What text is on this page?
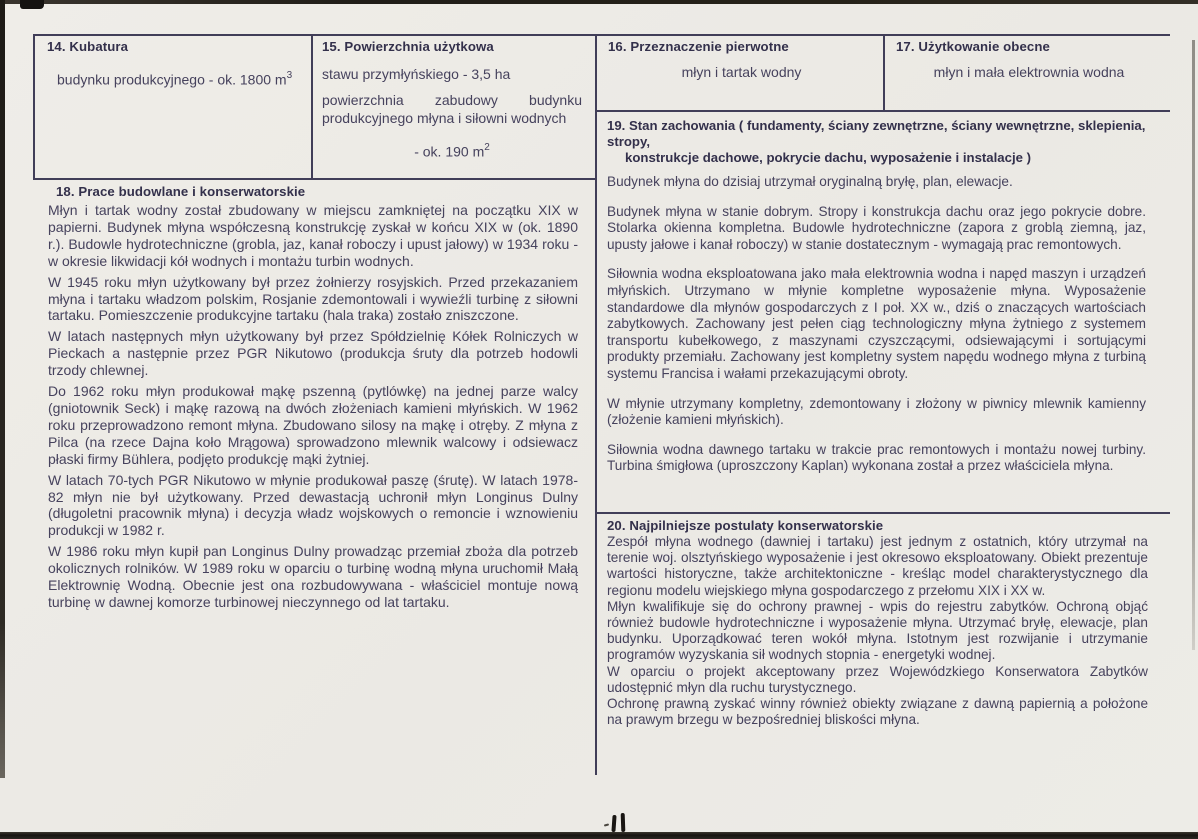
14. Kubatura
budynku produkcyjnego - ok. 1800 $m^3$
15. Powierzchnia użytkowa
stawu przymłyńskiego - 3,5 ha
powierzchnia zabudowy budynku produkcyjnego młyna i siłowni wodnych
- ok. 190 $m^2$
16. Przeznaczenie pierwotne
młyn i tartak wodny
17. Użytkowanie obecne
młyn i mała elektrownia wodna
19. Stan zachowania ( fundamenty, ściany zewnętrzne, ściany wewnętrzne, sklepienia, stropy,
konstrukcje dachowe, pokrycie dachu, wyposażenie i instalacje )

Budynek młyna do dzisiaj utrzymał oryginalną bryłę, plan, elewacje.

Budynek młyna w stanie dobrym. Stropy i konstrukcja dachu oraz jego pokrycie dobre. Stolarka okienna kompletna. Budowle hydrotechniczne (zapora z groblą ziemną, jaz, upusty jałowe i kanał roboczy) w stanie dostatecznym - wymagają prac remontowych.

Siłownia wodna eksploatowana jako mała elektrownia wodna i napęd maszyn i urządzeń młyńskich. Utrzymano w młynie kompletne wyposażenie młyna. Wyposażenie standardowe dla młynów gospodarczych z I poł. XX w., dziś o znaczących wartościach zabytkowych. Zachowany jest pełen ciąg technologiczny młyna żytniego z systemem transportu kubełkowego, z maszynami czyszczącymi, odsiewającymi i sortującymi produkty przemiału. Zachowany jest kompletny system napędu wodnego młyna z turbiną systemu Francisa i wałami przekazującymi obroty.

W młynie utrzymany kompletny, zdemontowany i złożony w piwnicy mlewnik kamienny (złożenie kamieni młyńskich).

Siłownia wodna dawnego tartaku w trakcie prac remontowych i montażu nowej turbiny. Turbina śmigłowa (uproszczony Kaplan) wykonana został a przez właściciela młyna.

18. Prace budowlane i konserwatorskie

Młyn i tartak wodny został zbudowany w miejscu zamkniętej na początku XIX w papierni. Budynek młyna współczesną konstrukcję zyskał w końcu XIX w (ok. 1890 r.). Budowle hydrotechniczne (grobla, jaz, kanał roboczy i upust jałowy) w 1934 roku - w okresie likwidacji kół wodnych i montażu turbin wodnych.

W 1945 roku młyn użytkowany był przez żołnierzy rosyjskich. Przed przekazaniem młyna i tartaku władzom polskim, Rosjanie zdemontowali i wywieźli turbinę z siłowni tartaku. Pomieszczenie produkcyjne tartaku (hala traka) zostało zniszczone.

W latach następnych młyn użytkowany był przez Spółdzielnię Kółek Rolniczych w Pieckach a następnie przez PGR Nikutowo (produkcja śruty dla potrzeb hodowli trzody chlewnej.

Do 1962 roku młyn produkował mąkę pszenną (pytlówkę) na jednej parze walcy (gniotownik Seck) i mąkę razową na dwóch złożeniach kamieni młyńskich. W 1962 roku przeprowadzono remont młyna. Zbudowano silosy na mąkę i otręby. Z młyna z Pilca (na rzece Dajna koło Mrągowa) sprowadzono mlewnik walcowy i odsiewacz płaski firmy Bühlera, podjęto produkcję mąki żytniej.

W latach 70-tych PGR Nikutowo w młynie produkował paszę (śrutę). W latach 1978-82 młyn nie był użytkowany. Przed dewastacją uchronił młyn Longinus Dulny (długoletni pracownik młyna) i decyzja władz wojskowych o remoncie i wznowieniu produkcji w 1982 r.

W 1986 roku młyn kupił pan Longinus Dulny prowadząc przemiał zboża dla potrzeb okolicznych rolników. W 1989 roku w oparciu o turbinę wodną młyna uruchomił Małą Elektrownię Wodną. Obecnie jest ona rozbudowywana - właściciel montuje nową turbinę w dawnej komorze turbinowej nieczynnego od lat tartaku.

20. Najpilniejsze postulaty konserwatorskie

Zespół młyna wodnego (dawniej i tartaku) jest jednym z ostatnich, który utrzymał na terenie woj. olsztyńskiego wyposażenie i jest okresowo eksploatowany. Obiekt prezentuje wartości historyczne, także architektoniczne - kreśląc model charakterystycznego dla regionu modelu wiejskiego młyna gospodarczego z przełomu XIX i XX w.

Młyn kwalifikuje się do ochrony prawnej - wpis do rejestru zabytków. Ochroną objąć również budowle hydrotechniczne i wyposażenie młyna. Utrzymać bryłę, elewacje, plan budynku. Uporządkować teren wokół młyna. Istotnym jest rozwijanie i utrzymanie programów wyzyskania sił wodnych stopnia - energetyki wodnej.

W oparciu o projekt akceptowany przez Wojewódzkiego Konserwatora Zabytków udostępnić młyn dla ruchu turystycznego.

Ochronę prawną zyskać winny również obiekty związane z dawną papiernią a położone na prawym brzegu w bezpośredniej bliskości młyna.
